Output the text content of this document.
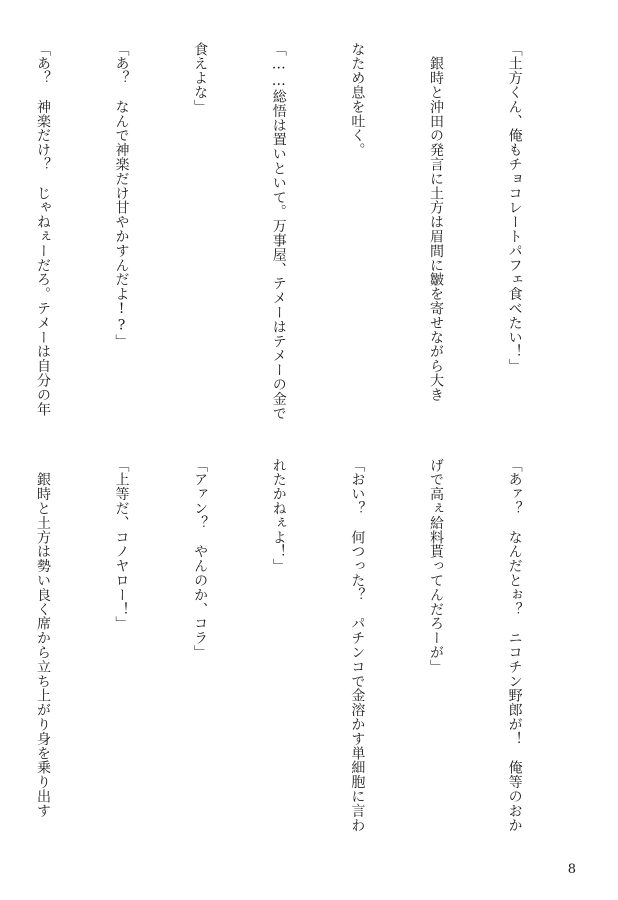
「土方くん、俺もチョコレートパフェ食べたい！」

　銀時と沖田の発言に土方は眉間に皺を寄せながら大き

なため息を吐く。

「……総悟は置いといて。万事屋、テメーはテメーの金で

食えよな」

「あ？　なんで神楽だけ甘やかすんだよ!?」

「あ？　神楽だけ？　じゃねぇーだろ。テメーは自分の年

「あァ？　なんだとぉ？　ニコチン野郎が！　俺等のおか

げで高ぇ給料貰ってんだろーが」

「おい？　何つった？　パチンコで金溶かす単細胞に言わ

れたかねぇよ！」

「アァン？　やんのか、コラ」

「上等だ、コノヤロー！」

　銀時と土方は勢い良く席から立ち上がり身を乗り出す

8
